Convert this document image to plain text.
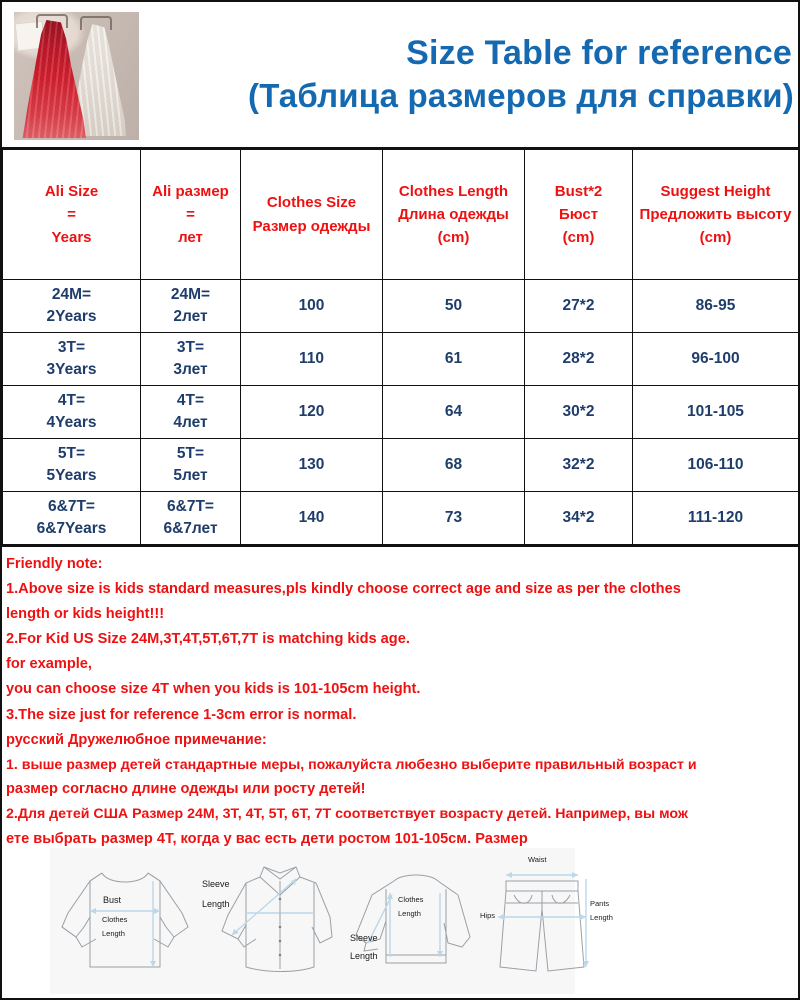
Size Table for reference
(Таблица размеров для справки)
Ali Size
=
Years	Ali размер
=
лет	Clothes Size
Размер одежды	Clothes Length
Длина одежды
(cm)	Bust*2
Бюст
(cm)	Suggest Height
Предложить высоту
(cm)

24M=
2Years	24M=
2лет	100	50	27*2	86-95

3T=
3Years	3T=
3лет	110	61	28*2	96-100

4T=
4Years	4T=
4лет	120	64	30*2	101-105

5T=
5Years	5T=
5лет	130	68	32*2	106-110

6&7T=
6&7Years	6&7T=
6&7лет	140	73	34*2	111-120
Friendly note:
1.Above size is kids standard measures,pls kindly choose correct age and size as per the clothes
length or kids height!!!
2.For Kid US Size 24M,3T,4T,5T,6T,7T is matching kids age.
for example,
you can choose size 4T when you kids is 101-105cm height.
3.The size just for reference 1-3cm error is normal.
русский Дружелюбное примечание:
1. выше размер детей стандартные меры, пожалуйста любезно выберите правильный возраст и
размер согласно длине одежды или росту детей!
2.Для детей США Размер 24М, 3Т, 4Т, 5Т, 6Т, 7Т соответствует возрасту детей. Например, вы мож
ете выбрать размер 4Т, когда у вас есть дети ростом 101-105см. Размер
Bust
Clothes
Length
Sleeve
Length	Clothes
Length
Sleeve
Length
Waist
Hips
Pants
Length
